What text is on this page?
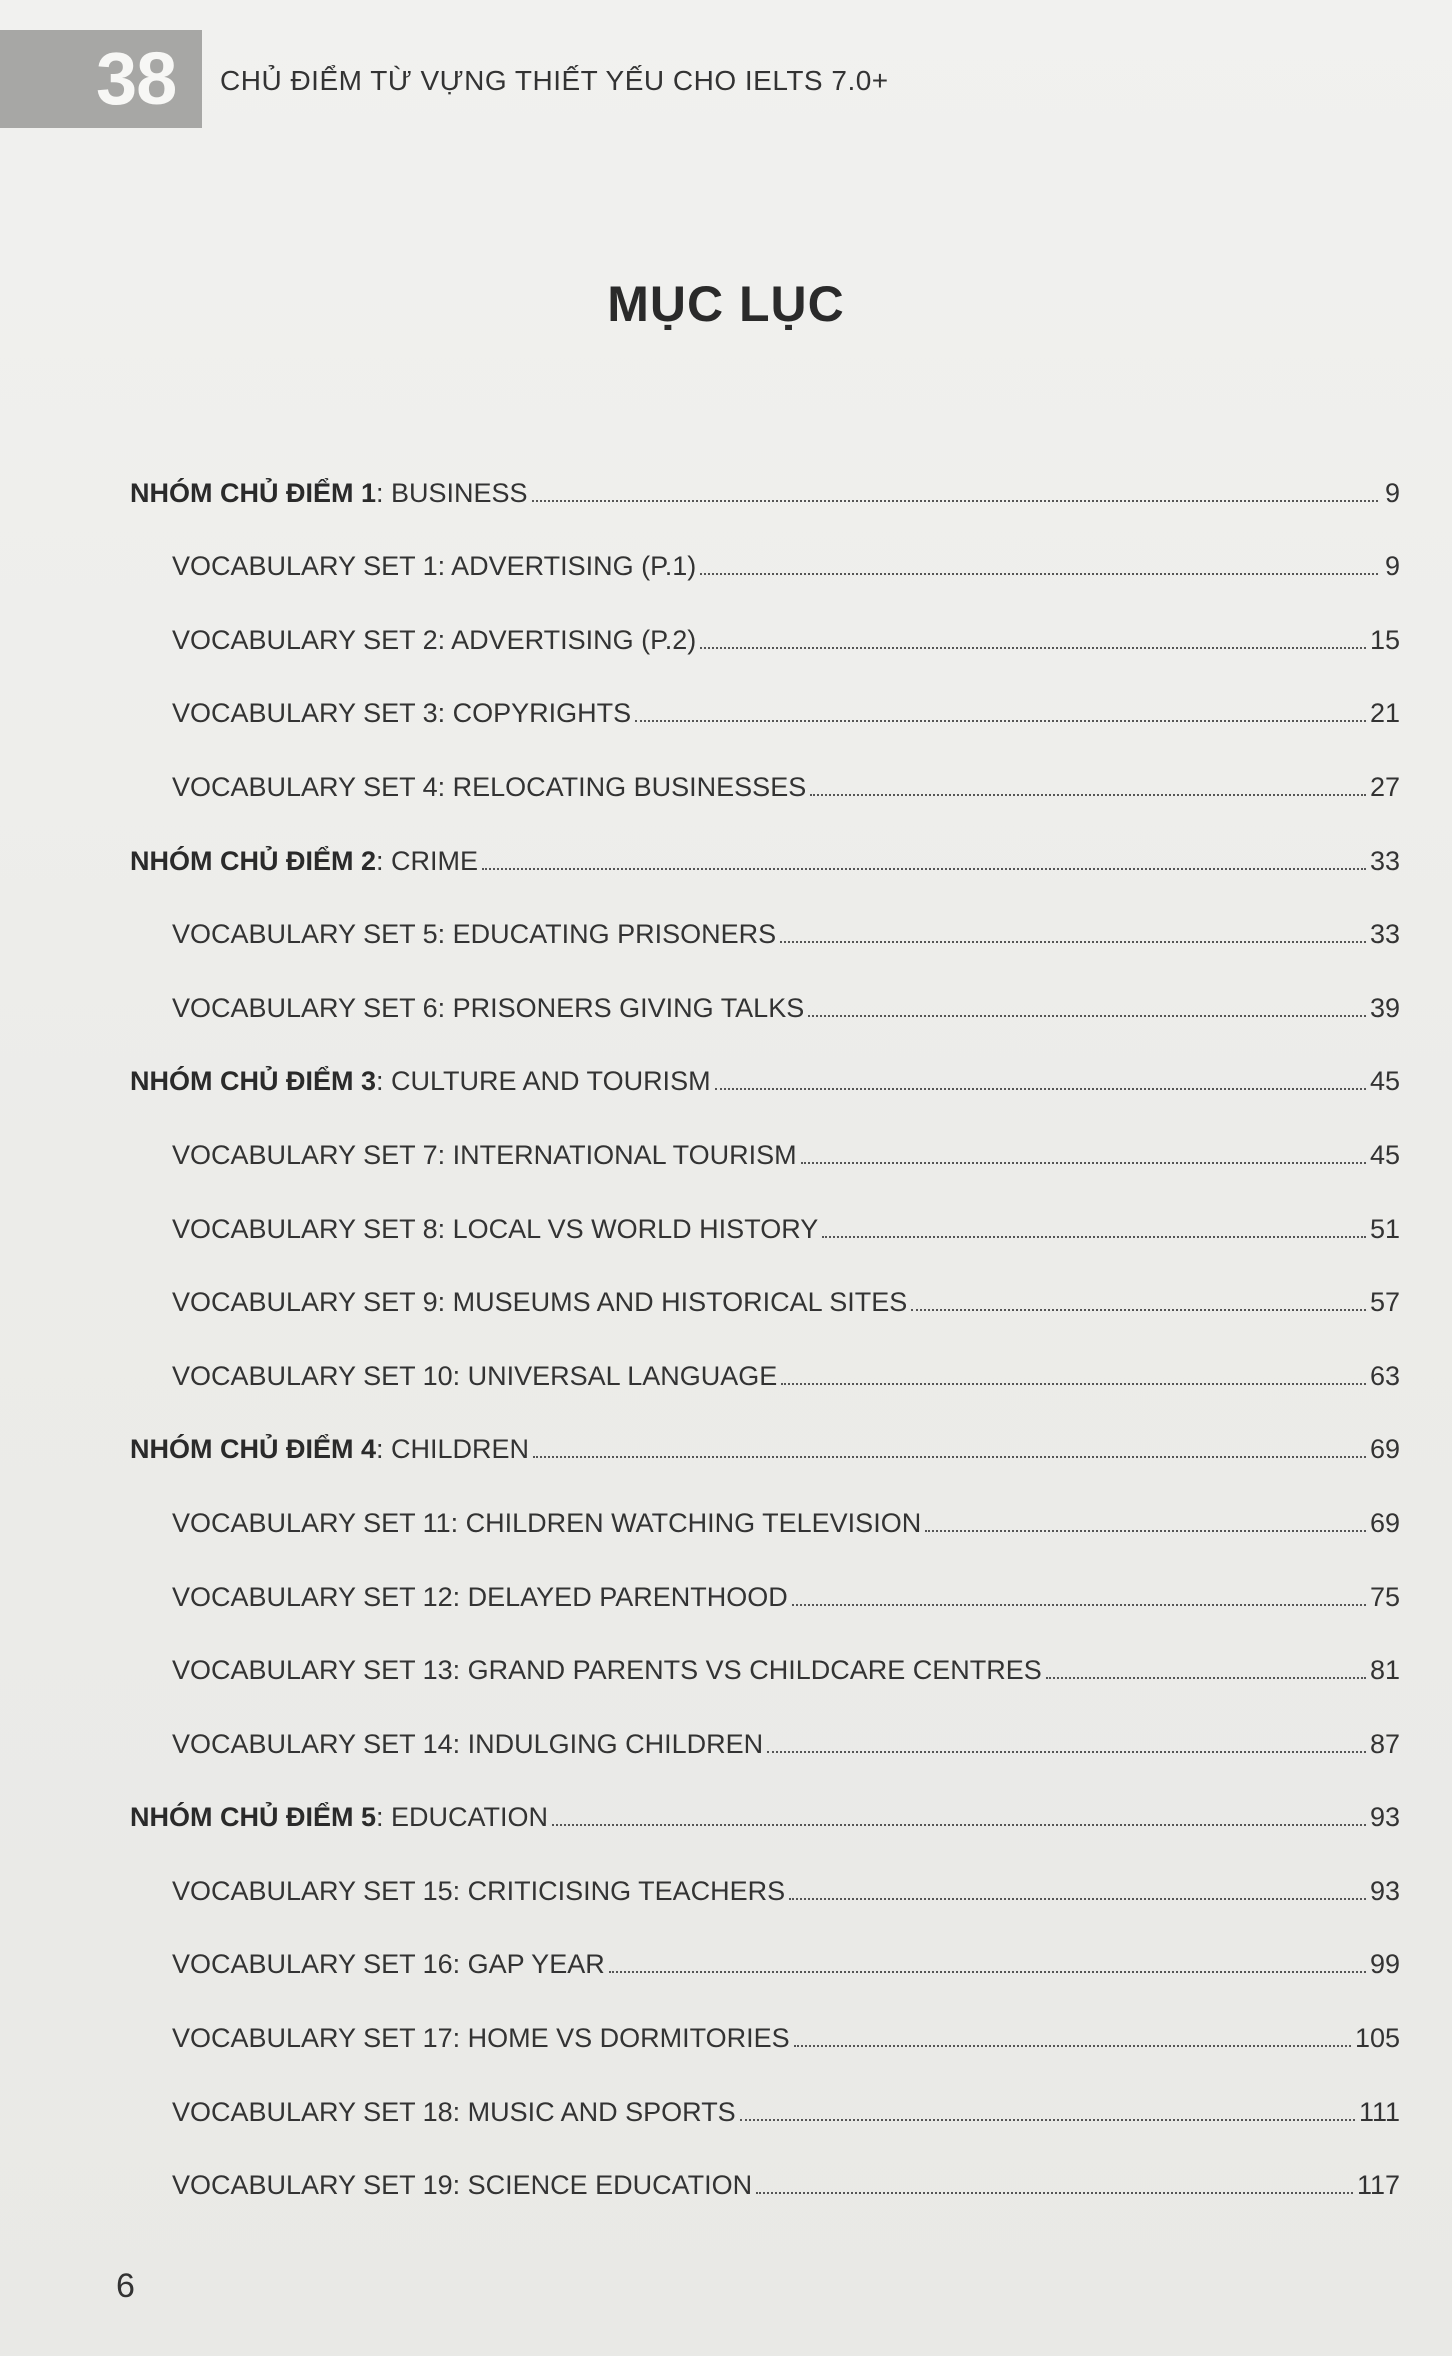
38 CHỦ ĐIỂM TỪ VỰNG THIẾT YẾU CHO IELTS 7.0+
MỤC LỤC
NHÓM CHỦ ĐIỂM 1: BUSINESS	9
VOCABULARY SET 1: ADVERTISING (P.1)	9
VOCABULARY SET 2: ADVERTISING (P.2)	15
VOCABULARY SET 3: COPYRIGHTS	21
VOCABULARY SET 4: RELOCATING BUSINESSES	27
NHÓM CHỦ ĐIỂM 2: CRIME	33
VOCABULARY SET 5: EDUCATING PRISONERS	33
VOCABULARY SET 6: PRISONERS GIVING TALKS	39
NHÓM CHỦ ĐIỂM 3: CULTURE AND TOURISM	45
VOCABULARY SET 7: INTERNATIONAL TOURISM	45
VOCABULARY SET 8: LOCAL VS WORLD HISTORY	51
VOCABULARY SET 9: MUSEUMS AND HISTORICAL SITES	57
VOCABULARY SET 10: UNIVERSAL LANGUAGE	63
NHÓM CHỦ ĐIỂM 4: CHILDREN	69
VOCABULARY SET 11: CHILDREN WATCHING TELEVISION	69
VOCABULARY SET 12: DELAYED PARENTHOOD	75
VOCABULARY SET 13: GRAND PARENTS VS CHILDCARE CENTRES	81
VOCABULARY SET 14: INDULGING CHILDREN	87
NHÓM CHỦ ĐIỂM 5: EDUCATION	93
VOCABULARY SET 15: CRITICISING TEACHERS	93
VOCABULARY SET 16: GAP YEAR	99
VOCABULARY SET 17: HOME VS DORMITORIES	105
VOCABULARY SET 18: MUSIC AND SPORTS	111
VOCABULARY SET 19: SCIENCE EDUCATION	117
6
